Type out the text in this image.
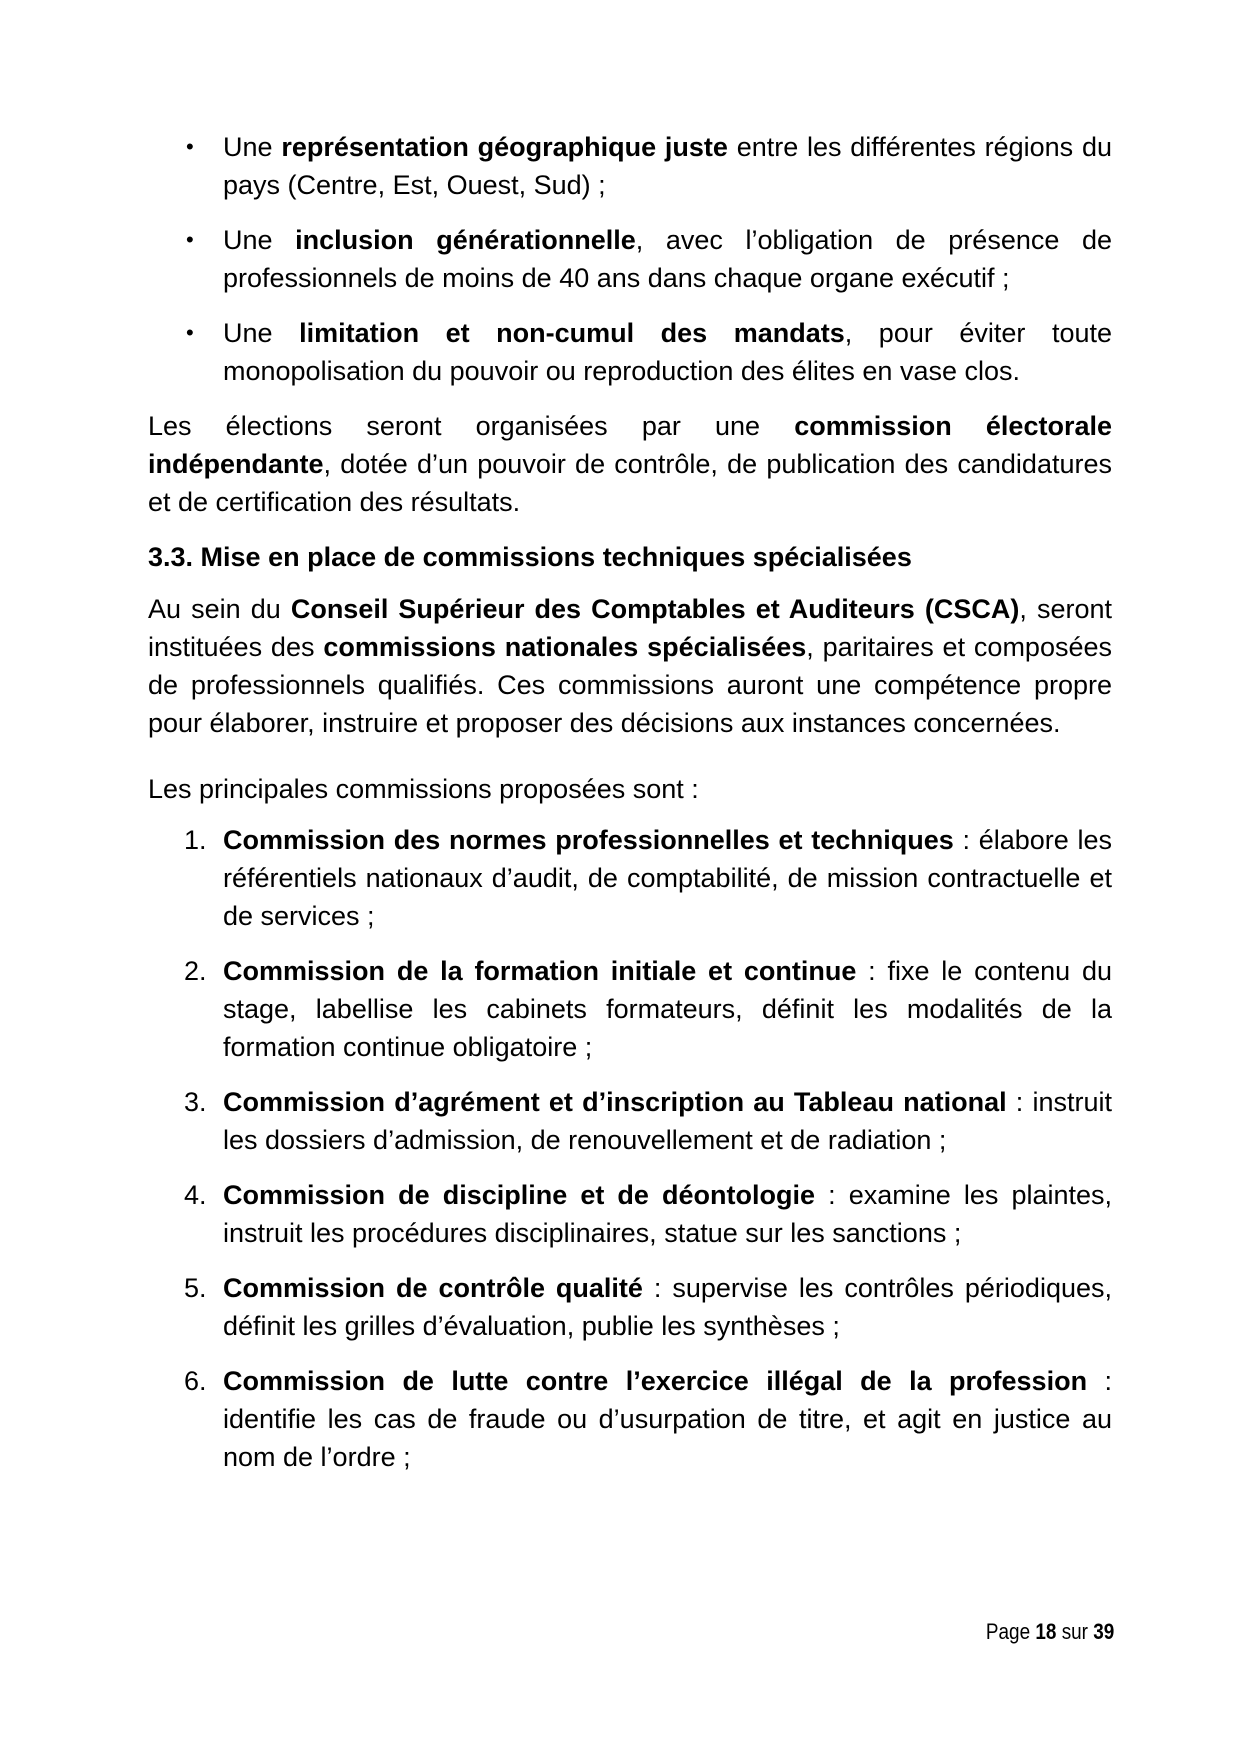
• Une représentation géographique juste entre les différentes régions du pays (Centre, Est, Ouest, Sud) ;
• Une inclusion générationnelle, avec l’obligation de présence de professionnels de moins de 40 ans dans chaque organe exécutif ;
• Une limitation et non-cumul des mandats, pour éviter toute monopolisation du pouvoir ou reproduction des élites en vase clos.

Les élections seront organisées par une commission électorale indépendante, dotée d’un pouvoir de contrôle, de publication des candidatures et de certification des résultats.

3.3. Mise en place de commissions techniques spécialisées

Au sein du Conseil Supérieur des Comptables et Auditeurs (CSCA), seront instituées des commissions nationales spécialisées, paritaires et composées de professionnels qualifiés. Ces commissions auront une compétence propre pour élaborer, instruire et proposer des décisions aux instances concernées.

Les principales commissions proposées sont :

1. Commission des normes professionnelles et techniques : élabore les référentiels nationaux d’audit, de comptabilité, de mission contractuelle et de services ;
2. Commission de la formation initiale et continue : fixe le contenu du stage, labellise les cabinets formateurs, définit les modalités de la formation continue obligatoire ;
3. Commission d’agrément et d’inscription au Tableau national : instruit les dossiers d’admission, de renouvellement et de radiation ;
4. Commission de discipline et de déontologie : examine les plaintes, instruit les procédures disciplinaires, statue sur les sanctions ;
5. Commission de contrôle qualité : supervise les contrôles périodiques, définit les grilles d’évaluation, publie les synthèses ;
6. Commission de lutte contre l’exercice illégal de la profession : identifie les cas de fraude ou d’usurpation de titre, et agit en justice au nom de l’ordre ;
Page 18 sur 39
